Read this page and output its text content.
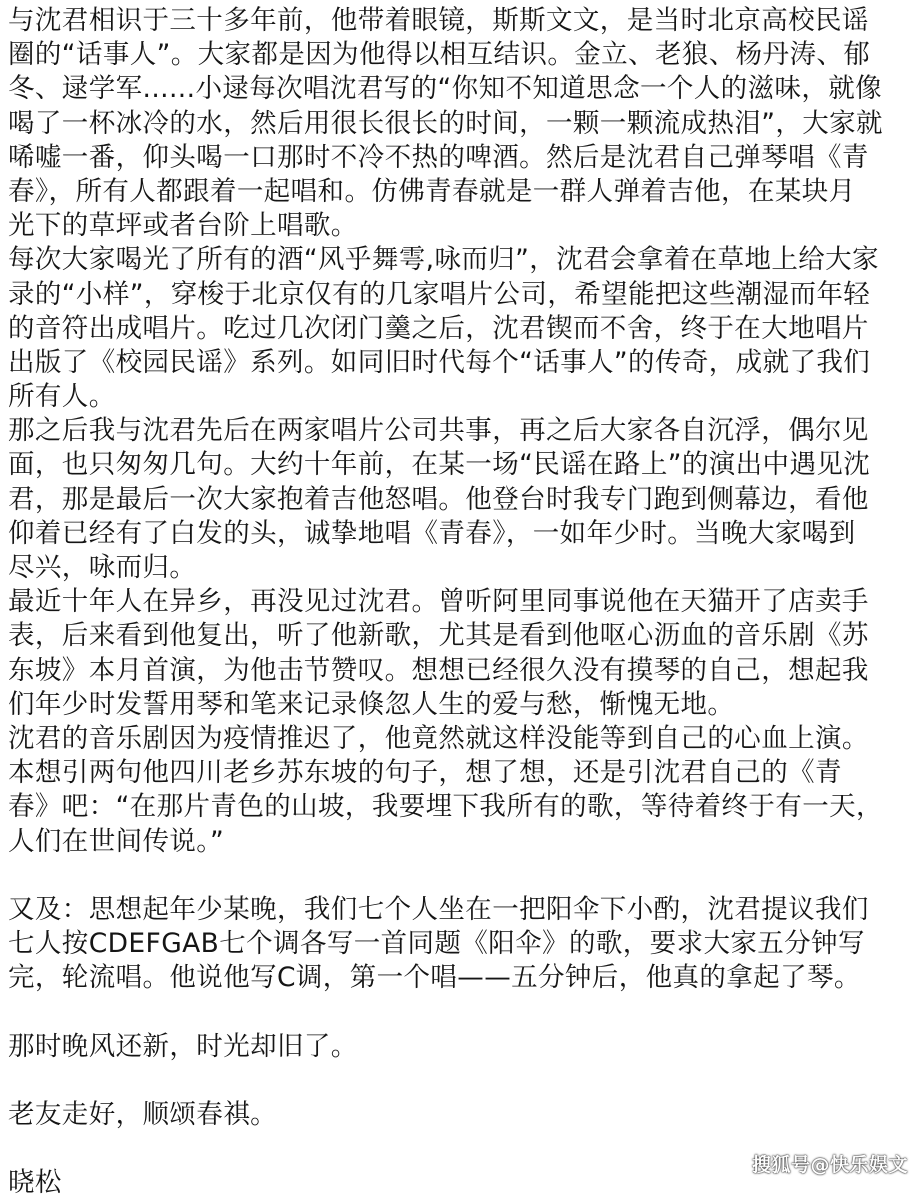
与沈君相识于三十多年前，他带着眼镜，斯斯文文，是当时北京高校民谣
圈的“话事人”。大家都是因为他得以相互结识。金立、老狼、杨丹涛、郁
冬、逯学军......小逯每次唱沈君写的“你知不知道思念一个人的滋味，就像
喝了一杯冰冷的水，然后用很长很长的时间，一颗一颗流成热泪”，大家就
唏嘘一番，仰头喝一口那时不冷不热的啤酒。然后是沈君自己弹琴唱《青
春》，所有人都跟着一起唱和。仿佛青春就是一群人弹着吉他，在某块月
光下的草坪或者台阶上唱歌。
每次大家喝光了所有的酒“风乎舞雩,咏而归”，沈君会拿着在草地上给大家
录的“小样”，穿梭于北京仅有的几家唱片公司，希望能把这些潮湿而年轻
的音符出成唱片。吃过几次闭门羹之后，沈君锲而不舍，终于在大地唱片
出版了《校园民谣》系列。如同旧时代每个“话事人”的传奇，成就了我们
所有人。
那之后我与沈君先后在两家唱片公司共事，再之后大家各自沉浮，偶尔见
面，也只匆匆几句。大约十年前，在某一场“民谣在路上”的演出中遇见沈
君，那是最后一次大家抱着吉他怒唱。他登台时我专门跑到侧幕边，看他
仰着已经有了白发的头，诚挚地唱《青春》，一如年少时。当晚大家喝到
尽兴，咏而归。
最近十年人在异乡，再没见过沈君。曾听阿里同事说他在天猫开了店卖手
表，后来看到他复出，听了他新歌，尤其是看到他呕心沥血的音乐剧《苏
东坡》本月首演，为他击节赞叹。想想已经很久没有摸琴的自己，想起我
们年少时发誓用琴和笔来记录倏忽人生的爱与愁，惭愧无地。
沈君的音乐剧因为疫情推迟了，他竟然就这样没能等到自己的心血上演。
本想引两句他四川老乡苏东坡的句子，想了想，还是引沈君自己的《青
春》吧：“在那片青色的山坡，我要埋下我所有的歌，等待着终于有一天，
人们在世间传说。”
又及：思想起年少某晚，我们七个人坐在一把阳伞下小酌，沈君提议我们
七人按CDEFGAB七个调各写一首同题《阳伞》的歌，要求大家五分钟写
完，轮流唱。他说他写C调，第一个唱——五分钟后，他真的拿起了琴。
那时晚风还新，时光却旧了。
老友走好，顺颂春祺。
晓松
搜狐号@快乐娱文
